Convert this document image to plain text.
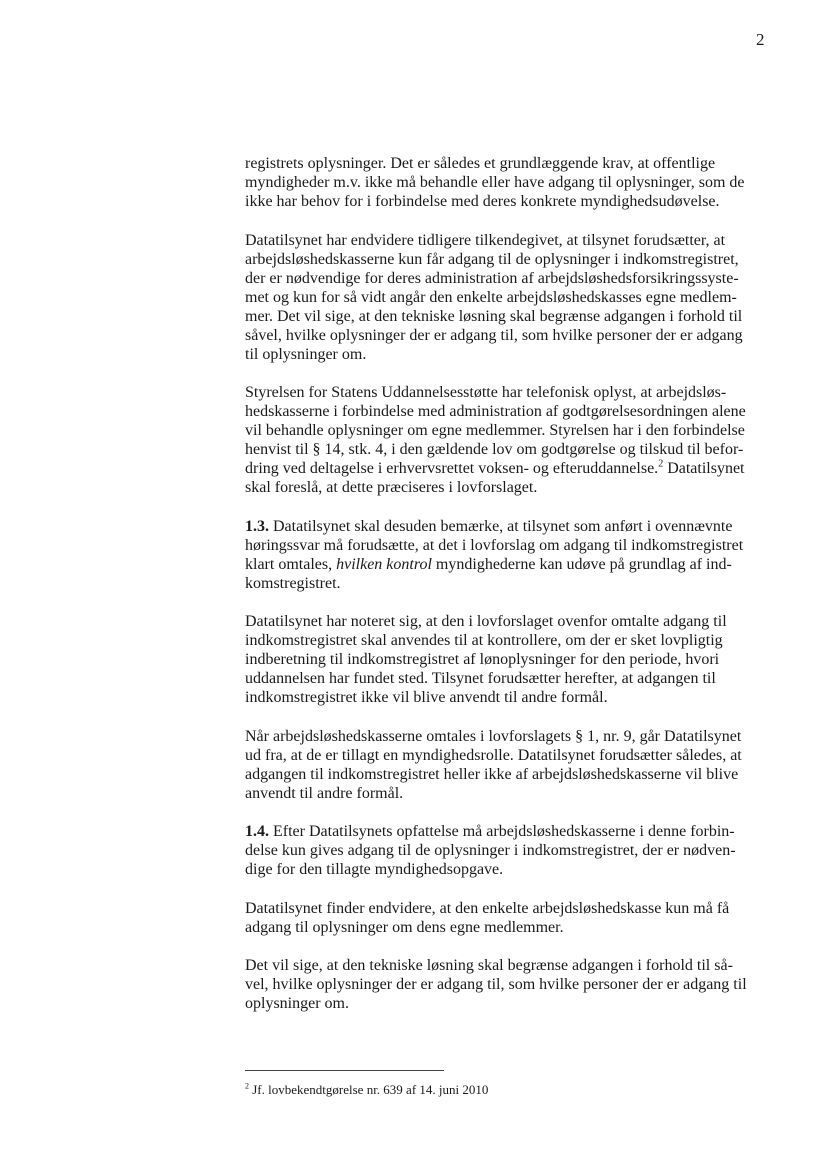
2

registrets oplysninger. Det er således et grundlæggende krav, at offentlige
myndigheder m.v. ikke må behandle eller have adgang til oplysninger, som de
ikke har behov for i forbindelse med deres konkrete myndighedsudøvelse.

Datatilsynet har endvidere tidligere tilkendegivet, at tilsynet forudsætter, at
arbejdsløshedskasserne kun får adgang til de oplysninger i indkomstregistret,
der er nødvendige for deres administration af arbejdsløshedsforsikringssyste-
met og kun for så vidt angår den enkelte arbejdsløshedskasses egne medlem-
mer. Det vil sige, at den tekniske løsning skal begrænse adgangen i forhold til
såvel, hvilke oplysninger der er adgang til, som hvilke personer der er adgang
til oplysninger om.

Styrelsen for Statens Uddannelsesstøtte har telefonisk oplyst, at arbejdsløs-
hedskasserne i forbindelse med administration af godtgørelsesordningen alene
vil behandle oplysninger om egne medlemmer. Styrelsen har i den forbindelse
henvist til § 14, stk. 4, i den gældende lov om godtgørelse og tilskud til befor-
dring ved deltagelse i erhvervsrettet voksen- og efteruddannelse.$^2$ Datatilsynet
skal foreslå, at dette præciseres i lovforslaget.

1.3. Datatilsynet skal desuden bemærke, at tilsynet som anført i ovennævnte
høringssvar må forudsætte, at det i lovforslag om adgang til indkomstregistret
klart omtales, hvilken kontrol myndighederne kan udøve på grundlag af ind-
komstregistret.

Datatilsynet har noteret sig, at den i lovforslaget ovenfor omtalte adgang til
indkomstregistret skal anvendes til at kontrollere, om der er sket lovpligtig
indberetning til indkomstregistret af lønoplysninger for den periode, hvori
uddannelsen har fundet sted. Tilsynet forudsætter herefter, at adgangen til
indkomstregistret ikke vil blive anvendt til andre formål.

Når arbejdsløshedskasserne omtales i lovforslagets § 1, nr. 9, går Datatilsynet
ud fra, at de er tillagt en myndighedsrolle. Datatilsynet forudsætter således, at
adgangen til indkomstregistret heller ikke af arbejdsløshedskasserne vil blive
anvendt til andre formål.

1.4. Efter Datatilsynets opfattelse må arbejdsløshedskasserne i denne forbin-
delse kun gives adgang til de oplysninger i indkomstregistret, der er nødven-
dige for den tillagte myndighedsopgave.

Datatilsynet finder endvidere, at den enkelte arbejdsløshedskasse kun må få
adgang til oplysninger om dens egne medlemmer.

Det vil sige, at den tekniske løsning skal begrænse adgangen i forhold til så-
vel, hvilke oplysninger der er adgang til, som hvilke personer der er adgang til
oplysninger om.

$^2$ Jf. lovbekendtgørelse nr. 639 af 14. juni 2010
